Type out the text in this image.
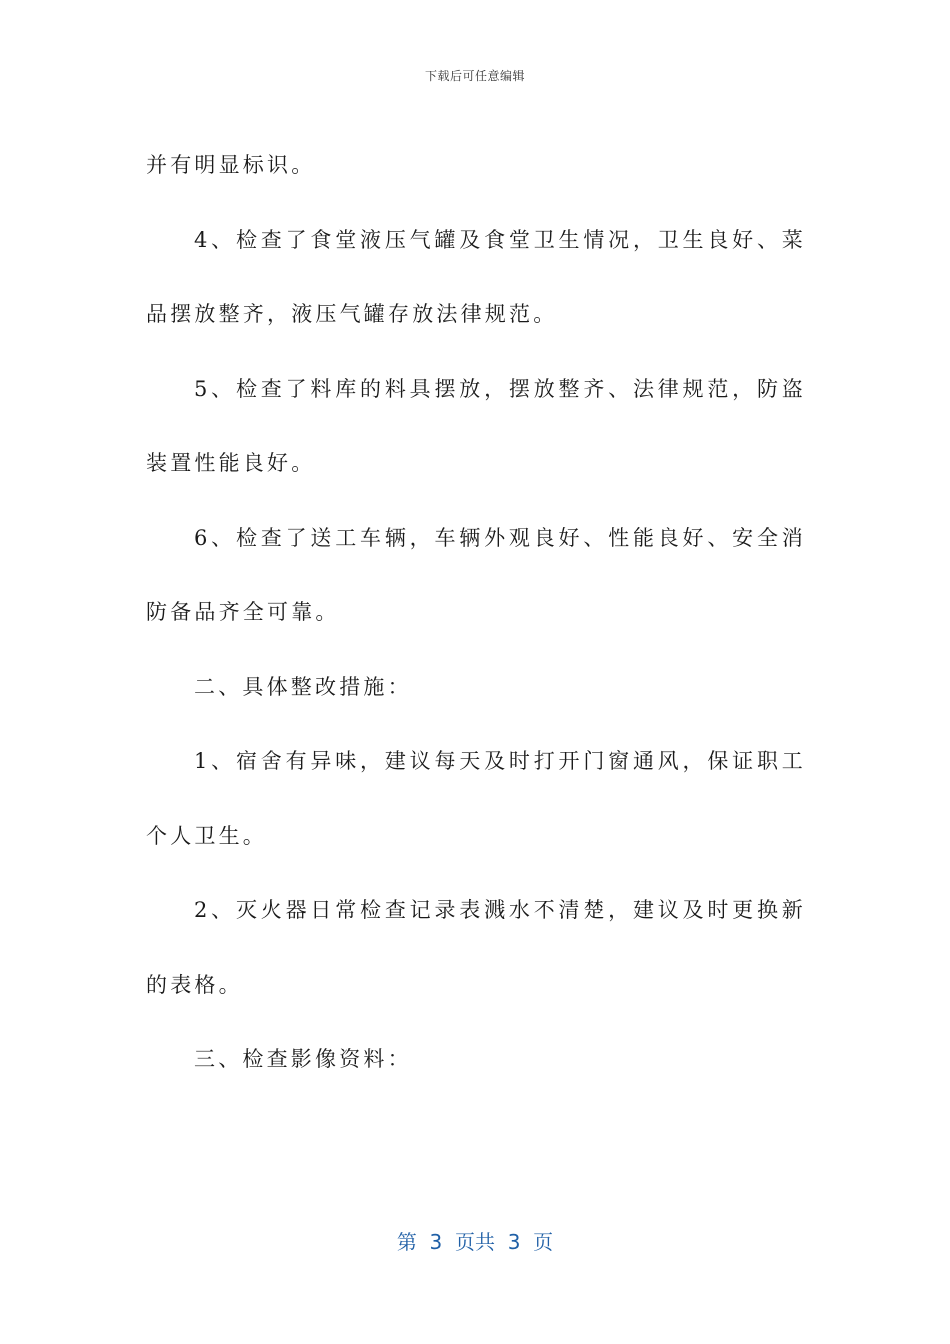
下载后可任意编辑

并有明显标识。

4、检查了食堂液压气罐及食堂卫生情况，卫生良好、菜品摆放整齐，液压气罐存放法律规范。

5、检查了料库的料具摆放，摆放整齐、法律规范，防盗装置性能良好。

6、检查了送工车辆，车辆外观良好、性能良好、安全消防备品齐全可靠。

二、具体整改措施：

1、宿舍有异味，建议每天及时打开门窗通风，保证职工个人卫生。

2、灭火器日常检查记录表溅水不清楚，建议及时更换新的表格。

三、检查影像资料：

第  3  页共  3  页
